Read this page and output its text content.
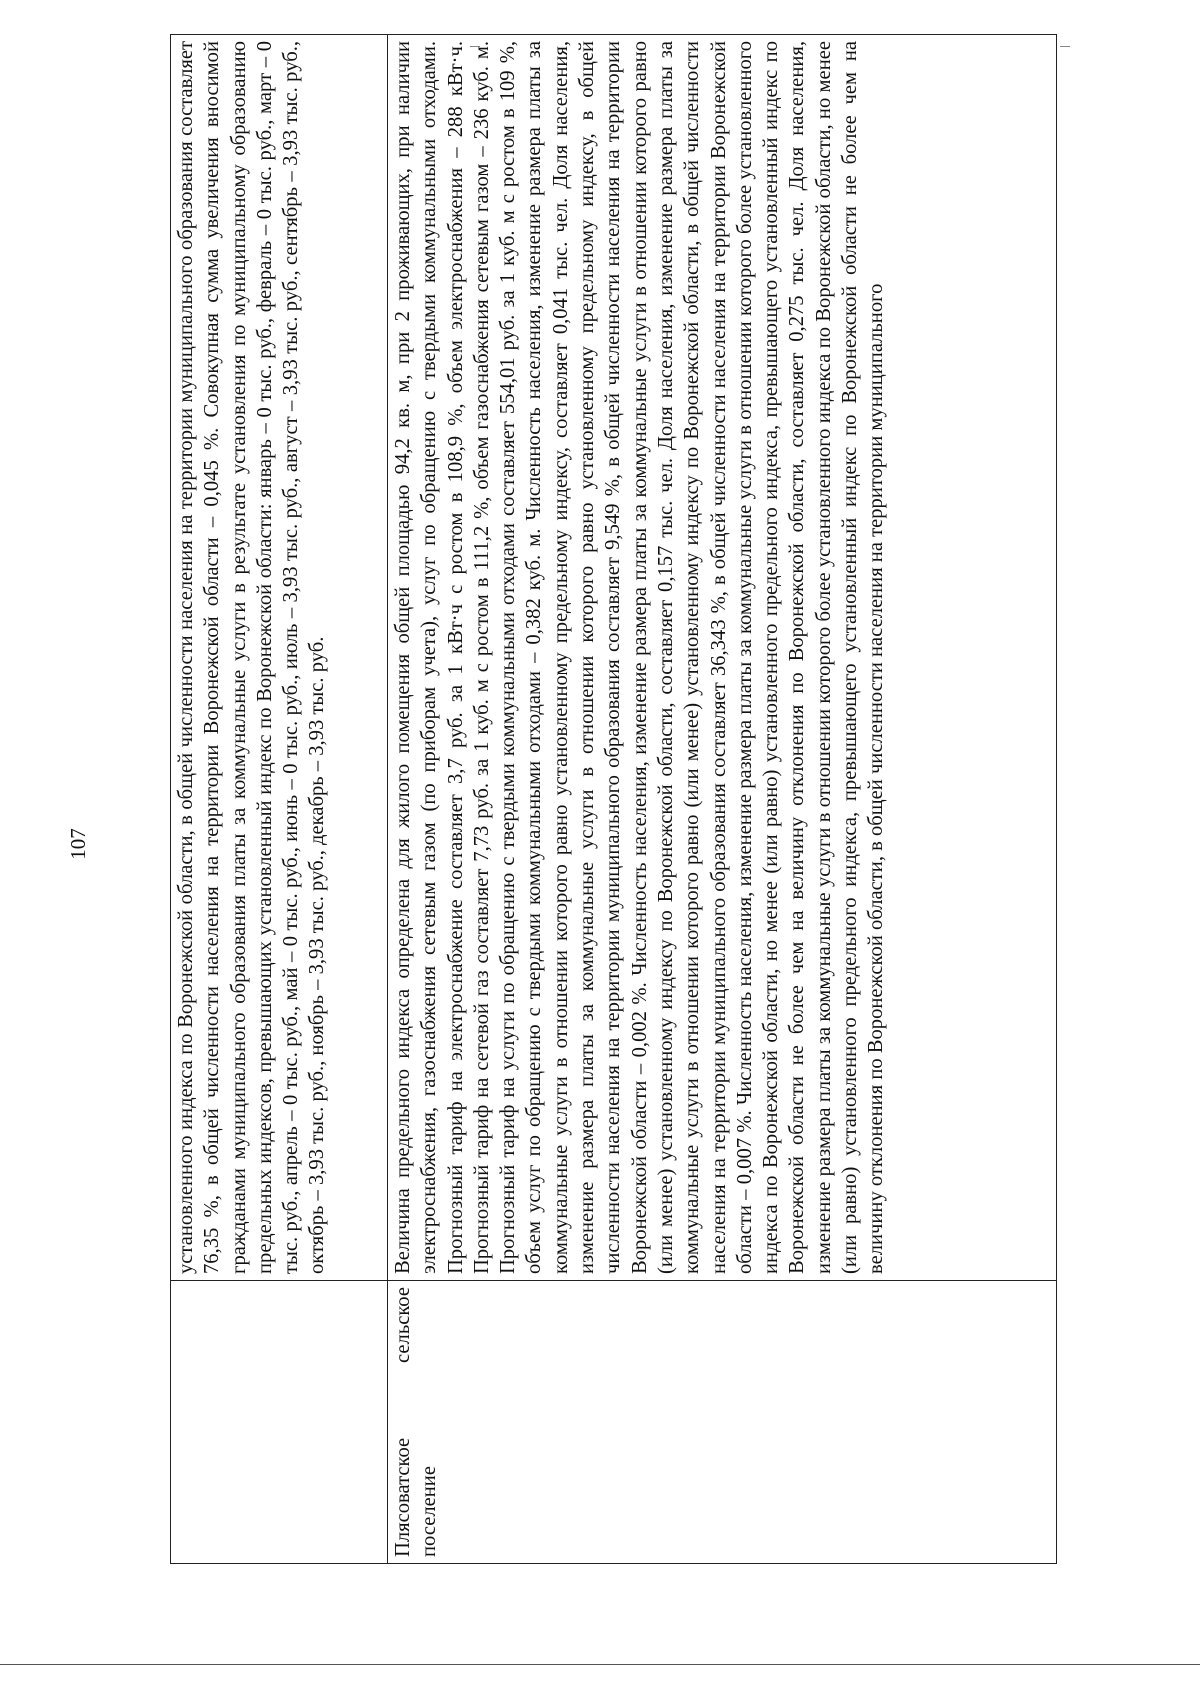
107
		установленного индекса по Воронежской области, в общей численности населения на территории муниципального образования составляет 76,35 %, в общей численности населения на территории Воронежской области – 0,045 %. Совокупная сумма увеличения вносимой гражданами муниципального образования платы за коммунальные услуги в результате установления по муниципальному образованию предельных индексов, превышающих установленный индекс по Воронежской области: январь – 0 тыс. руб., февраль – 0 тыс. руб., март – 0 тыс. руб., апрель – 0 тыс. руб., май – 0 тыс. руб., июнь – 0 тыс. руб., июль – 3,93 тыс. руб., август – 3,93 тыс. руб., сентябрь – 3,93 тыс. руб., октябрь – 3,93 тыс. руб., ноябрь – 3,93 тыс. руб., декабрь – 3,93 тыс. руб.
Плясоватское сельское поселение	Величина предельного индекса определена для жилого помещения общей площадью 94,2 кв. м, при 2 проживающих, при наличии электроснабжения, газоснабжения сетевым газом (по приборам учета), услуг по обращению с твердыми коммунальными отходами. Прогнозный тариф на электроснабжение составляет 3,7 руб. за 1 кВт·ч с ростом в 108,9 %, объем электроснабжения – 288 кВт·ч. Прогнозный тариф на сетевой газ составляет 7,73 руб. за 1 куб. м с ростом в 111,2 %, объем газоснабжения сетевым газом – 236 куб. м. Прогнозный тариф на услуги по обращению с твердыми коммунальными отходами составляет 554,01 руб. за 1 куб. м с ростом в 109 %, объем услуг по обращению с твердыми коммунальными отходами – 0,382 куб. м. Численность населения, изменение размера платы за коммунальные услуги в отношении которого равно установленному предельному индексу, составляет 0,041 тыс. чел. Доля населения, изменение размера платы за коммунальные услуги в отношении которого равно установленному предельному индексу, в общей численности населения на территории муниципального образования составляет 9,549 %, в общей численности населения на территории Воронежской области – 0,002 %. Численность населения, изменение размера платы за коммунальные услуги в отношении которого равно (или менее) установленному индексу по Воронежской области, составляет 0,157 тыс. чел. Доля населения, изменение размера платы за коммунальные услуги в отношении которого равно (или менее) установленному индексу по Воронежской области, в общей численности населения на территории муниципального образования составляет 36,343 %, в общей численности населения на территории Воронежской области – 0,007 %. Численность населения, изменение размера платы за коммунальные услуги в отношении которого более установленного индекса по Воронежской области, но менее (или равно) установленного предельного индекса, превышающего установленный индекс по Воронежской области не более чем на величину отклонения по Воронежской области, составляет 0,275 тыс. чел. Доля населения, изменение размера платы за коммунальные услуги в отношении которого более установленного индекса по Воронежской области, но менее (или равно) установленного предельного индекса, превышающего установленный индекс по Воронежской области не более чем на величину отклонения по Воронежской области, в общей численности населения на территории муниципального
